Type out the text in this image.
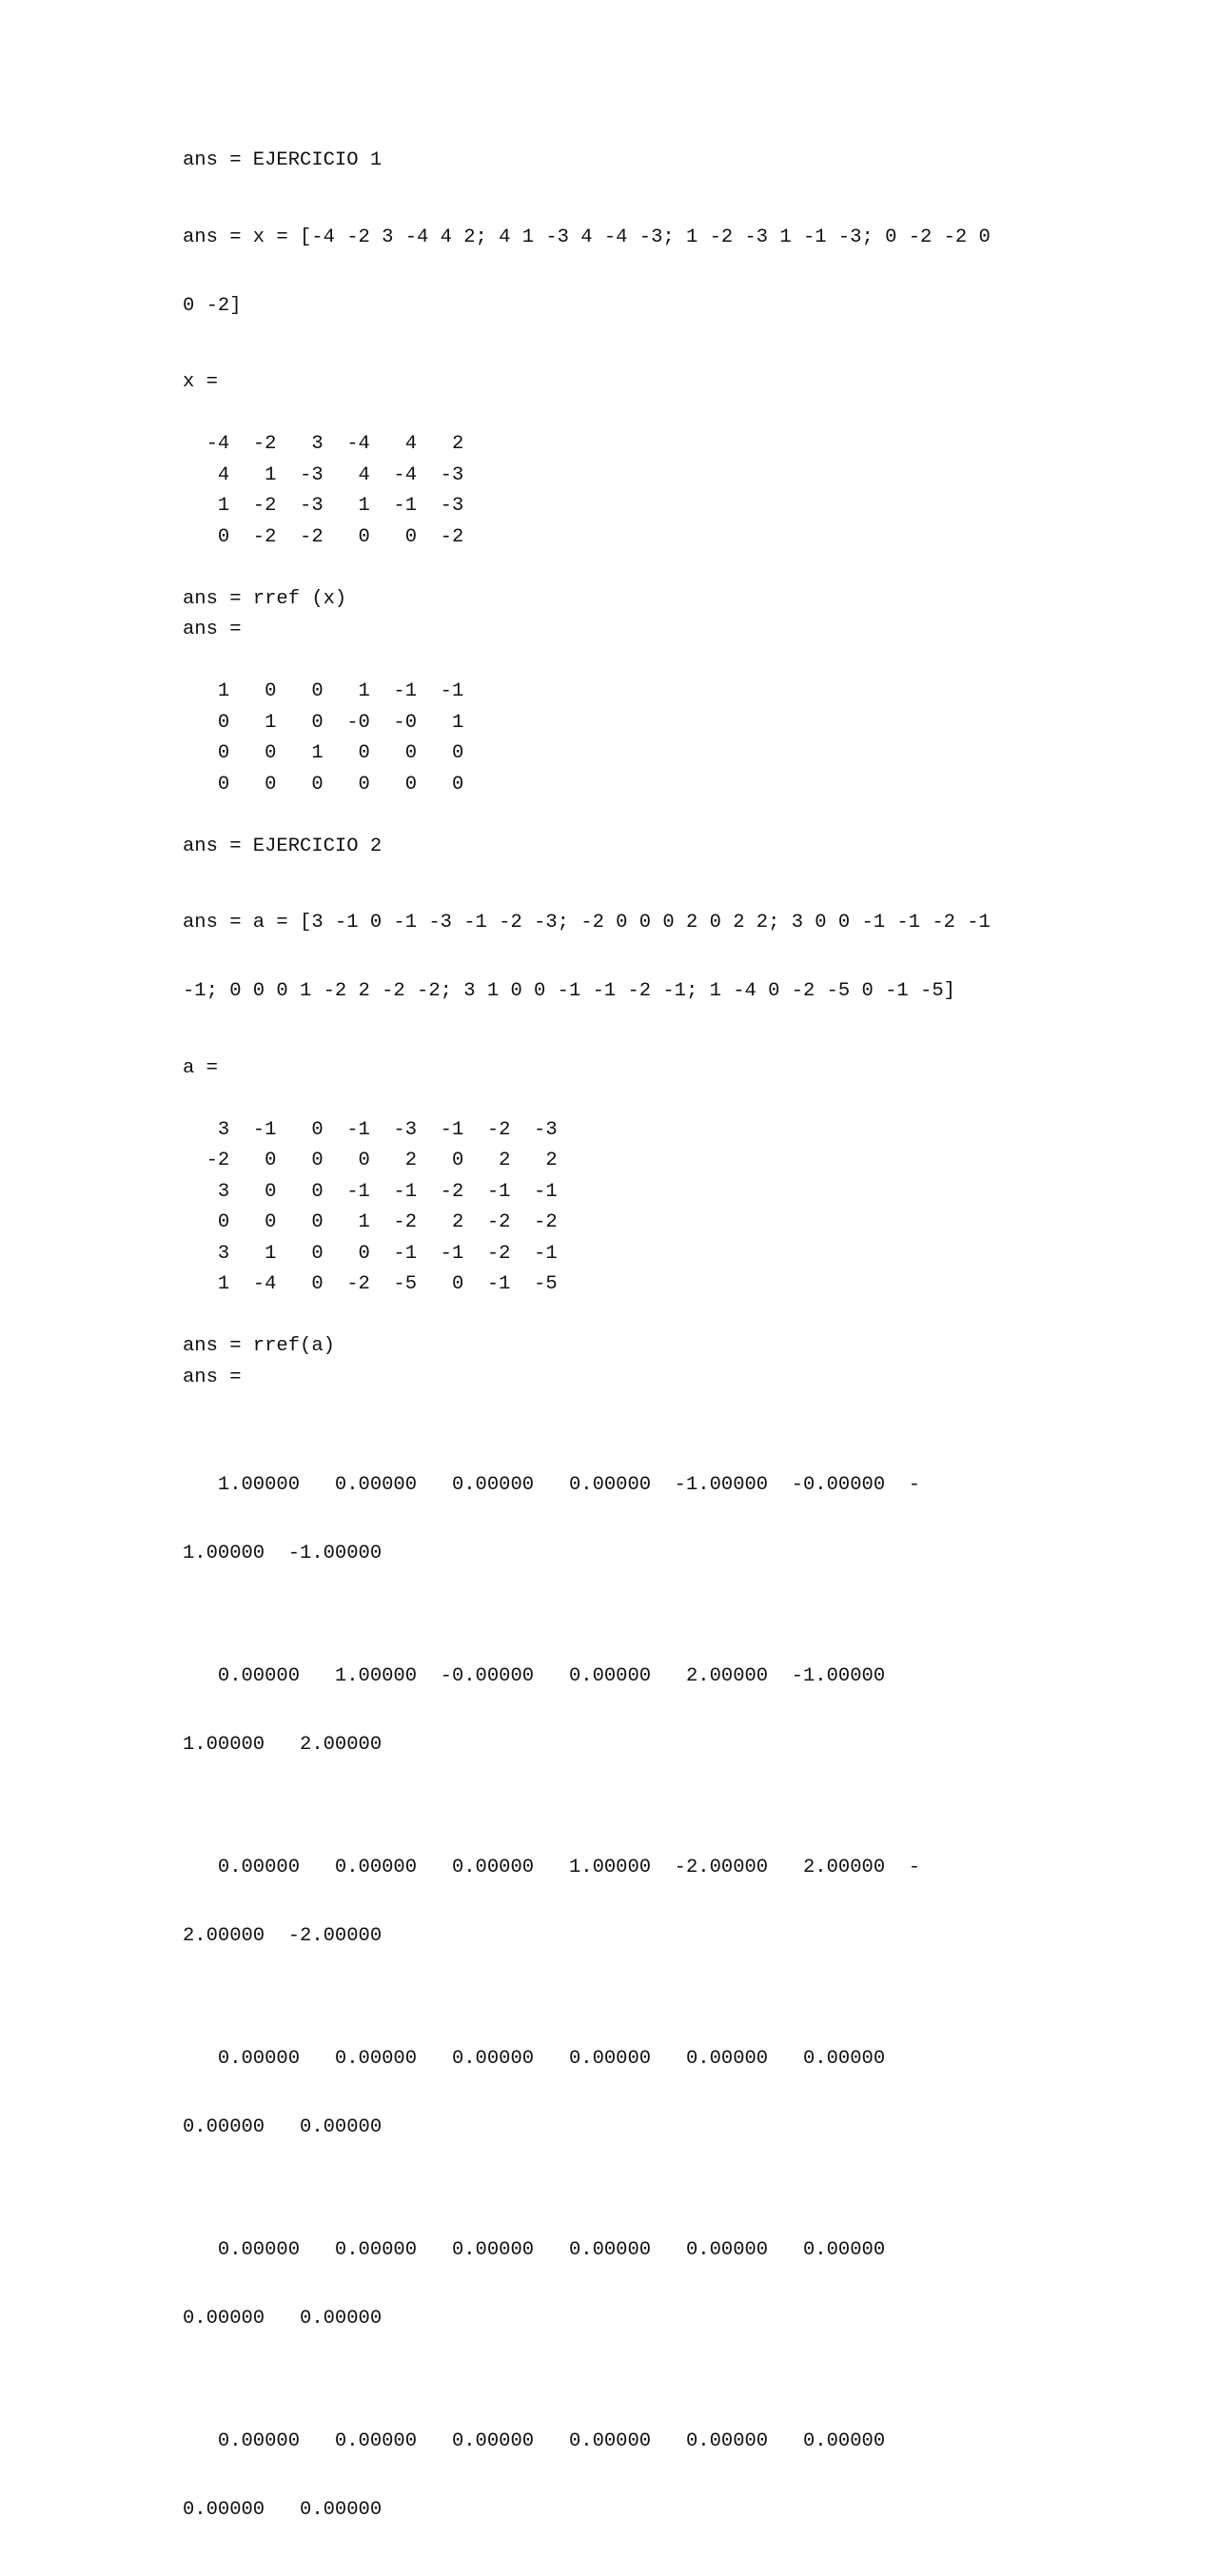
ans = EJERCICIO 1

ans = x = [-4 -2 3 -4 4 2; 4 1 -3 4 -4 -3; 1 -2 -3 1 -1 -3; 0 -2 -2 0

0 -2]

x =
-4  -2   3  -4   4   2
4   1  -3   4  -4  -3
1  -2  -3   1  -1  -3
0  -2  -2   0   0  -2
ans = rref (x)
ans =
1   0   0   1  -1  -1
0   1   0  -0  -0   1
0   0   1   0   0   0
0   0   0   0   0   0
ans = EJERCICIO 2

ans = a = [3 -1 0 -1 -3 -1 -2 -3; -2 0 0 0 2 0 2 2; 3 0 0 -1 -1 -2 -1

-1; 0 0 0 1 -2 2 -2 -2; 3 1 0 0 -1 -1 -2 -1; 1 -4 0 -2 -5 0 -1 -5]

a =
3  -1   0  -1  -3  -1  -2  -3
-2   0   0   0   2   0   2   2
3   0   0  -1  -1  -2  -1  -1
0   0   0   1  -2   2  -2  -2
3   1   0   0  -1  -1  -2  -1
1  -4   0  -2  -5   0  -1  -5
ans = rref(a)
ans =

1.00000   0.00000   0.00000   0.00000  -1.00000  -0.00000  -

1.00000  -1.00000

0.00000   1.00000  -0.00000   0.00000   2.00000  -1.00000

1.00000   2.00000

0.00000   0.00000   0.00000   1.00000  -2.00000   2.00000  -

2.00000  -2.00000

0.00000   0.00000   0.00000   0.00000   0.00000   0.00000

0.00000   0.00000

0.00000   0.00000   0.00000   0.00000   0.00000   0.00000

0.00000   0.00000

0.00000   0.00000   0.00000   0.00000   0.00000   0.00000

0.00000   0.00000
